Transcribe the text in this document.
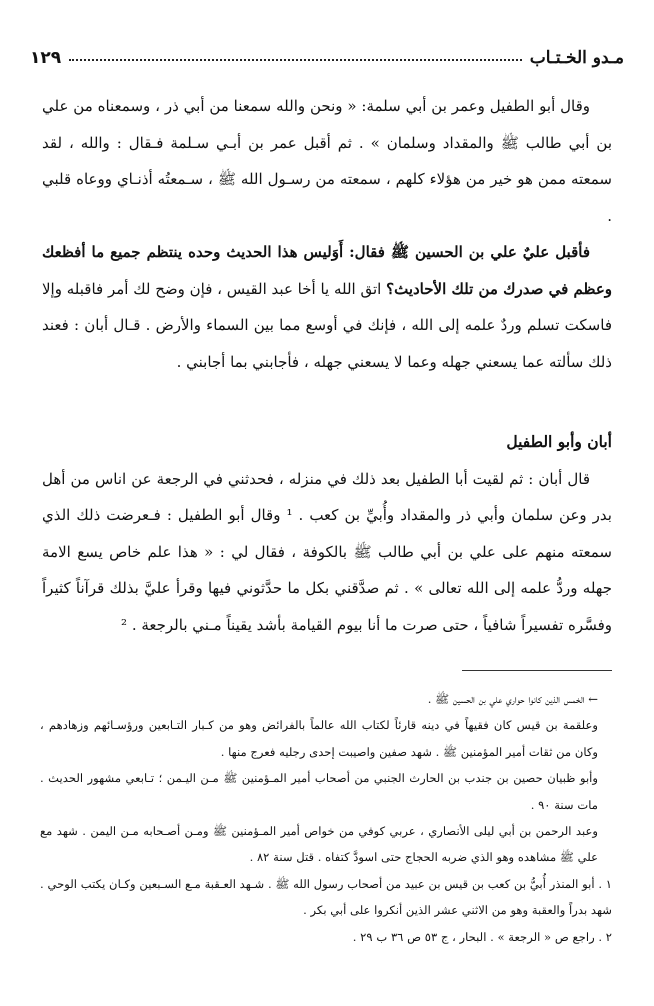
مـدو الخـتـاب
١٢٩

وقال أبو الطفيل وعمر بن أبي سلمة: « ونحن والله سمعنا من أبي ذر ، وسمعناه من علي بن أبي طالب ﷺ والمقداد وسلمان » . ثم أقبل عمر بن أبـي سـلمة فـقال : والله ، لقد سمعته ممن هو خير من هؤلاء كلهم ، سمعته من رسـول الله ﷺ ، سـمعتُه أذنـاي ووعاه قلبي .

فأقبل عليٌ علي بن الحسين ﷺ فقال: أَوَليس هذا الحديث وحده ينتظم جميع ما أفظعك وعظم في صدرك من تلك الأحاديث؟ اتق الله يا أخا عبد القيس ، فإن وضح لك أمر فاقبله وإلا فاسكت تسلم وردٌ علمه إلى الله ، فإنك في أوسع مما بين السماء والأرض . قـال أبان : فعند ذلك سألته عما يسعني جهله وعما لا يسعني جهله ، فأجابني بما أجابني .

أبان وأبو الطفيل

قال أبان : ثم لقيت أبا الطفيل بعد ذلك في منزله ، فحدثني في الرجعة عن اناس من أهل بدر وعن سلمان وأبي ذر والمقداد وأُبيِّ بن كعب . ¹ وقال أبو الطفيل : فـعرضت ذلك الذي سمعته منهم على علي بن أبي طالب ﷺ بالكوفة ، فقال لي : « هذا علم خاص يسع الامة جهله وردُّ علمه إلى الله تعالى » . ثم صدَّقني بكل ما حدَّثوني فيها وقرأ عليَّ بذلك قرآناً كثيراً وفسَّره تفسيراً شافياً ، حتى صرت ما أنا بيوم القيامة بأشد يقيناً مـني بالرجعة . ²

← الخمس الذين كانوا حواري علي بن الحسين ﷺ .

وعلقمة بن قيس كان فقيهاً في دينه قارئاً لكتاب الله عالماً بالفرائض وهو من كـبار التـابعين ورؤسـائهم وزهادهم ، وكان من ثقات أمير المؤمنين ﷺ . شهد صفين واصيبت إحدى رجليه فعرج منها .

وأبو ظبيان حصين بن جندب بن الحارث الجنبي من أصحاب أمير المـؤمنين ﷺ مـن اليـمن ؛ تـابعي مشهور الحديث . مات سنة ٩٠ .

وعبد الرحمن بن أبي ليلى الأنصاري ، عربي كوفي من خواص أمير المـؤمنين ﷺ ومـن أصـحابه مـن اليمن . شهد مع علي ﷺ مشاهده وهو الذي ضربه الحجاج حتى اسودَّ كتفاه . قتل سنة ٨٢ .

١ . أبو المنذر أُبيُّ بن كعب بن قيس بن عبيد من أصحاب رسول الله ﷺ . شـهد العـقبة مـع السـبعين وكـان يكتب الوحي . شهد بدراً والعقبة وهو من الاثني عشر الذين أنكروا على أبي بكر .

٢ . راجع ص « الرجعة » . البحار ، ج ٥٣ ص ٣٦ ب ٢٩ .
